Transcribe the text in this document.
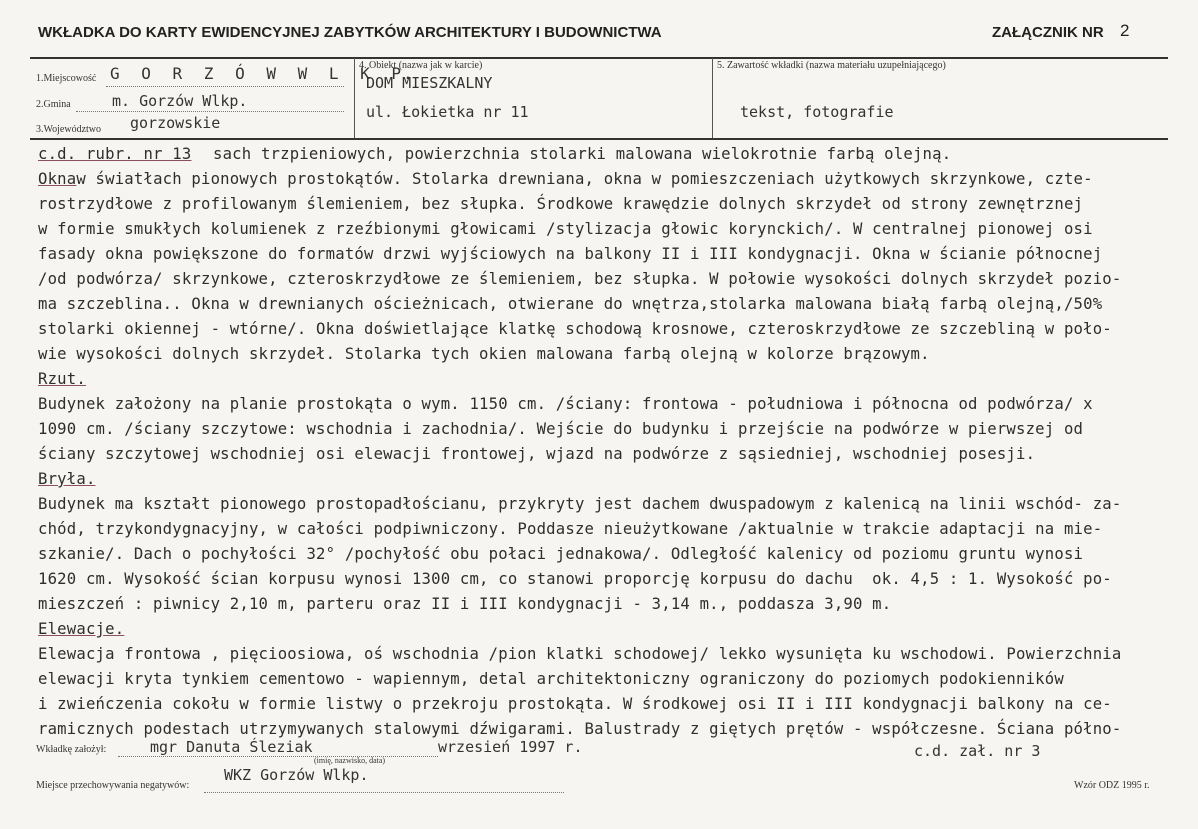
WKŁADKA DO KARTY EWIDENCYJNEJ ZABYTKÓW ARCHITEKTURY I BUDOWNICTWA	ZAŁĄCZNIK NR 2
1.Miejscowość G O R Z Ó W W L K P.
2.Gmina	m. Gorzów Wlkp.
3.Województwo gorzowskie
4. Obiekt (nazwa jak w karcie)
DOM MIESZKALNY
ul. Łokietka nr 11
5. Zawartość wkładki (nazwa materiału uzupełniającego)
tekst, fotografie
c.d. rubr. nr 13 sach trzpieniowych, powierzchnia stolarki malowana wielokrotnie farbą olejną.
Oknaw światłach pionowych prostokątów. Stolarka drewniana, okna w pomieszczeniach użytkowych skrzynkowe, czte-
rostrzydłowe z profilowanym ślemieniem, bez słupka. Środkowe krawędzie dolnych skrzydeł od strony zewnętrznej
w formie smukłych kolumienek z rzeźbionymi głowicami /stylizacja głowic korynckich/. W centralnej pionowej osi
fasady okna powiększone do formatów drzwi wyjściowych na balkony II i III kondygnacji. Okna w ścianie północnej
/od podwórza/ skrzynkowe, czteroskrzydłowe ze ślemieniem, bez słupka. W połowie wysokości dolnych skrzydeł pozio-
ma szczeblina.. Okna w drewnianych ościeżnicach, otwierane do wnętrza,stolarka malowana białą farbą olejną,/50%
stolarki okiennej - wtórne/. Okna doświetlające klatkę schodową krosnowe, czteroskrzydłowe ze szczebliną w poło-
wie wysokości dolnych skrzydeł. Stolarka tych okien malowana farbą olejną w kolorze brązowym.
Rzut.
Budynek założony na planie prostokąta o wym. 1150 cm. /ściany: frontowa - południowa i północna od podwórza/ x
1090 cm. /ściany szczytowe: wschodnia i zachodnia/. Wejście do budynku i przejście na podwórze w pierwszej od
ściany szczytowej wschodniej osi elewacji frontowej, wjazd na podwórze z sąsiedniej, wschodniej posesji.
Bryła.
Budynek ma kształt pionowego prostopadłościanu, przykryty jest dachem dwuspadowym z kalenicą na linii wschód- za-
chód, trzykondygnacyjny, w całości podpiwniczony. Poddasze nieużytkowane /aktualnie w trakcie adaptacji na mie-
szkanie/. Dach o pochyłości 32° /pochyłość obu połaci jednakowa/. Odległość kalenicy od poziomu gruntu wynosi
1620 cm. Wysokość ścian korpusu wynosi 1300 cm, co stanowi proporcję korpusu do dachu  ok. 4,5 : 1. Wysokość po-
mieszczeń : piwnicy 2,10 m, parteru oraz II i III kondygnacji - 3,14 m., poddasza 3,90 m.
Elewacje.
Elewacja frontowa , pięcioosiowa, oś wschodnia /pion klatki schodowej/ lekko wysunięta ku wschodowi. Powierzchnia
elewacji kryta tynkiem cementowo - wapiennym, detal architektoniczny ograniczony do poziomych podokienników
i zwieńczenia cokołu w formie listwy o przekroju prostokąta. W środkowej osi II i III kondygnacji balkony na ce-
ramicznych podestach utrzymywanych stalowymi dźwigarami. Balustrady z giętych prętów - współczesne. Ściana półno-
Wkładkę założył:	mgr Danuta Śleziak
(imię, nazwisko, data)
wrzesień 1997 r.	c.d. zał. nr 3
Miejsce przechowywania negatywów:
WKZ Gorzów Wlkp.
Wzór ODZ 1995 r.
